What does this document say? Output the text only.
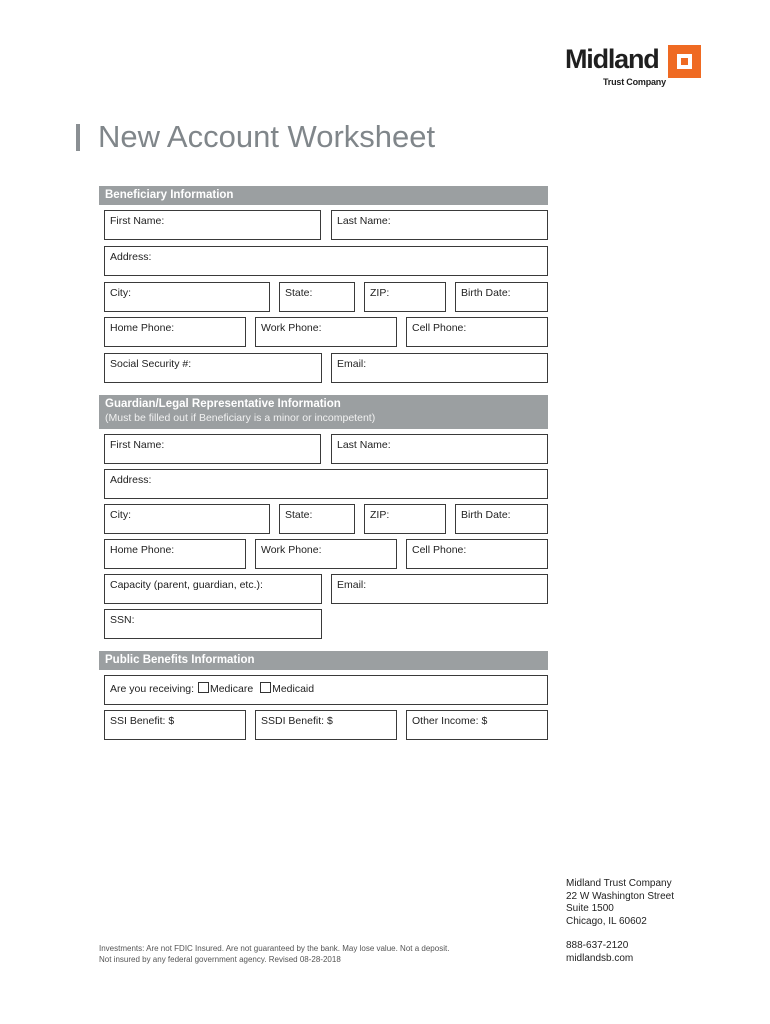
Midland
Trust Company
New Account Worksheet
Beneficiary Information
First Name:	Last Name:
Address:
City:	State:	ZIP:	Birth Date:
Home Phone:	Work Phone:	Cell Phone:
Social Security #:	Email:
Guardian/Legal Representative Information
(Must be filled out if Beneficiary is a minor or incompetent)
First Name:	Last Name:
Address:
City:	State:	ZIP:	Birth Date:
Home Phone:	Work Phone:	Cell Phone:
Capacity (parent, guardian, etc.):	Email:
SSN:
Public Benefits Information
Are you receiving: Medicare Medicaid
SSI Benefit: $	SSDI Benefit: $	Other Income: $
Midland Trust Company
22 W Washington Street
Suite 1500
Chicago, IL 60602
Investments: Are not FDIC Insured. Are not guaranteed by the bank. May lose value. Not a deposit.
Not insured by any federal government agency. Revised 08-28-2018
888-637-2120
midlandsb.com
